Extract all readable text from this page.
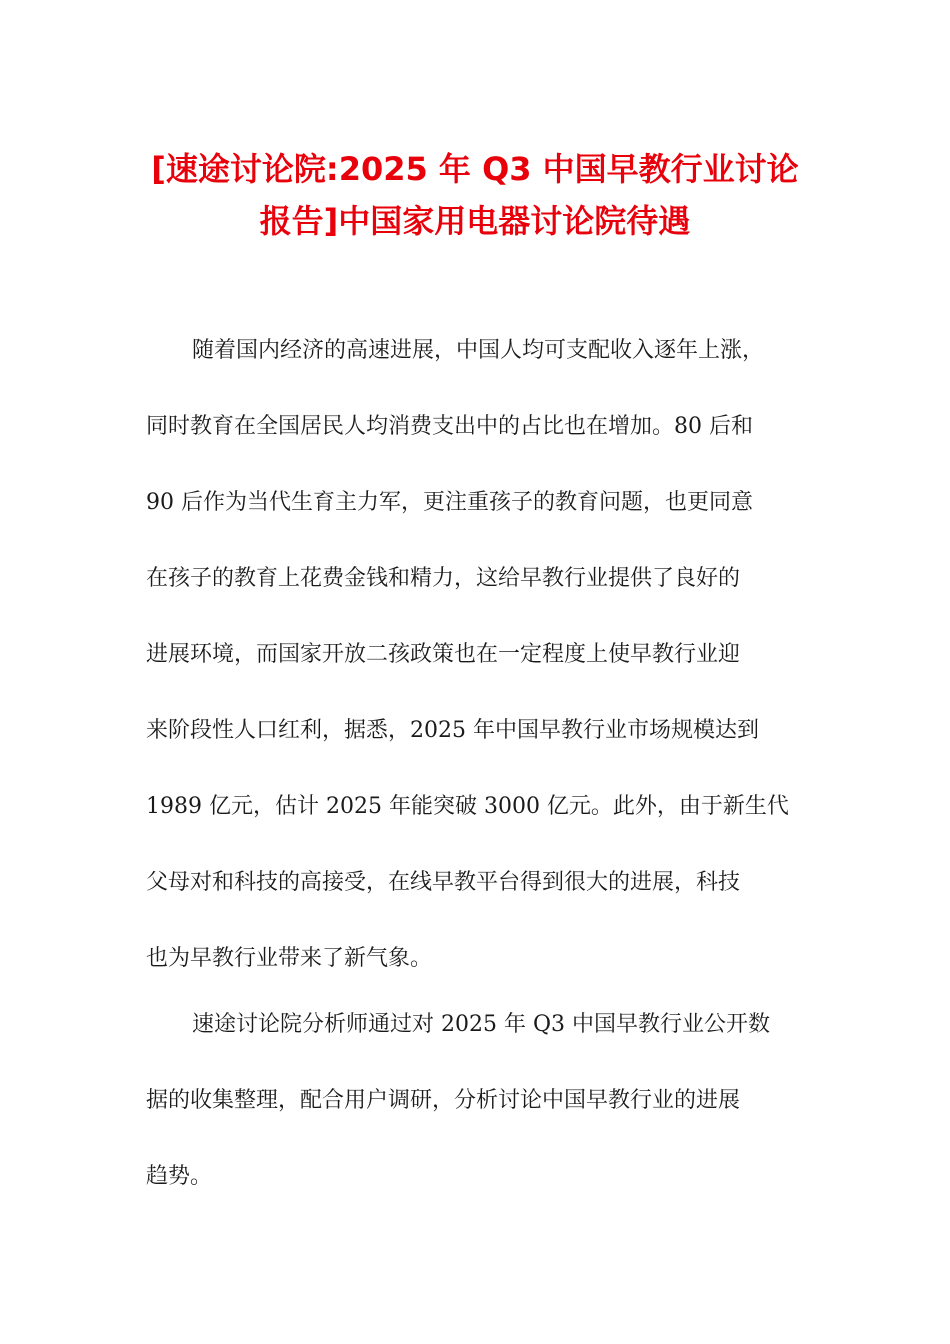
[速途讨论院:2025 年 Q3 中国早教行业讨论
报告]中国家用电器讨论院待遇
随着国内经济的高速进展，中国人均可支配收入逐年上涨，
同时教育在全国居民人均消费支出中的占比也在增加。80 后和
90 后作为当代生育主力军，更注重孩子的教育问题，也更同意
在孩子的教育上花费金钱和精力，这给早教行业提供了良好的
进展环境，而国家开放二孩政策也在一定程度上使早教行业迎
来阶段性人口红利，据悉，2025 年中国早教行业市场规模达到
1989 亿元，估计 2025 年能突破 3000 亿元。此外，由于新生代
父母对和科技的高接受，在线早教平台得到很大的进展，科技
也为早教行业带来了新气象。
速途讨论院分析师通过对 2025 年 Q3 中国早教行业公开数
据的收集整理，配合用户调研，分析讨论中国早教行业的进展
趋势。
